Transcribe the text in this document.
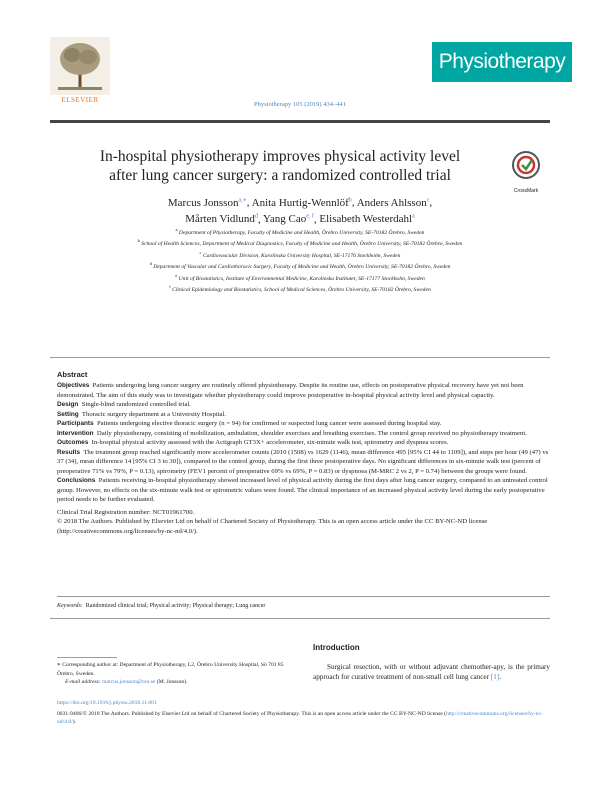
ELSEVIER
Physiotherapy 105 (2019) 434–441
Physiotherapy
In-hospital physiotherapy improves physical activity level
after lung cancer surgery: a randomized controlled trial
CrossMark
Marcus Jonsson$^{a,∗}$, Anita Hurtig-Wennlöf$^b$, Anders Ahlsson$^c$,
Mårten Vidlund$^d$, Yang Cao$^{e, f}$, Elisabeth Westerdahl$^a$
$^a$ Department of Physiotherapy, Faculty of Medicine and Health, Örebro University, SE-70182 Örebro, Sweden
$^b$ School of Health Sciences, Department of Medical Diagnostics, Faculty of Medicine and Health, Örebro University, SE-70182 Örebro, Sweden
$^c$ Cardiovascular Division, Karolinska University Hospital, SE-17176 Stockholm, Sweden
$^d$ Department of Vascular and Cardiothoracic Surgery, Faculty of Medicine and Health, Örebro University, SE-70182 Örebro, Sweden
$^e$ Unit of Biostatistics, Institute of Environmental Medicine, Karolinska Institutet, SE-17177 Stockholm, Sweden
$^f$ Clinical Epidemiology and Biostatistics, School of Medical Sciences, Örebro University, SE-70182 Örebro, Sweden
Abstract

Objectives Patients undergoing lung cancer surgery are routinely offered physiotherapy. Despite its routine use, effects on postoperative physical recovery have yet not been demonstrated. The aim of this study was to investigate whether physiotherapy could improve postoperative in-hospital physical activity level and physical capacity.

Design Single-blind randomized controlled trial.

Setting Thoracic surgery department at a University Hospital.

Participants Patients undergoing elective thoracic surgery (n = 94) for confirmed or suspected lung cancer were assessed during hospital stay.

Intervention Daily physiotherapy, consisting of mobilization, ambulation, shoulder exercises and breathing exercises. The control group received no physiotherapy treatment.

Outcomes In-hospital physical activity assessed with the Actigraph GT3X+ accelerometer, six-minute walk test, spirometry and dyspnea scores.

Results The treatment group reached significantly more accelerometer counts (2010 (1508) vs 1629 (1146), mean difference 495 [95% CI 44 to 1109]), and steps per hour (49 (47) vs 37 (34), mean difference 14 [95% CI 3 to 30]), compared to the control group, during the first three postoperative days. No significant differences in six-minute walk test (percent of preoperative 71% vs 79%, P = 0.13), spirometry (FEV1 percent of preoperative 69% vs 69%, P = 0.83) or dyspnoea (M-MRC 2 vs 2, P = 0.74) between the groups were found.

Conclusions Patients receiving in-hospital physiotherapy showed increased level of physical activity during the first days after lung cancer surgery, compared to an untreated control group. However, no effects on the six-minute walk test or spirometric values were found. The clinical importance of an increased physical activity level during the early postoperative period needs to be further evaluated.

Clinical Trial Registration number: NCT01961700.

© 2018 The Authors. Published by Elsevier Ltd on behalf of Chartered Society of Physiotherapy. This is an open access article under the CC BY-NC-ND license (http://creativecommons.org/licenses/by-nc-nd/4.0/).

Keywords: Randomized clinical trial; Physical activity; Physical therapy; Lung cancer
Introduction
Surgical resection, with or without adjuvant chemother-apy, is the primary approach for curative treatment of non-small cell lung cancer [1].
∗ Corresponding author at: Department of Physiotherapy, L2, Örebro University Hospital, Sö 701 85 Örebro, Sweden.
E-mail address: marcus.jonsson@oru.se (M. Jonsson).
https://doi.org/10.1016/j.physio.2018.11.001
0031-9406/© 2018 The Authors. Published by Elsevier Ltd on behalf of Chartered Society of Physiotherapy. This is an open access article under the CC BY-NC-ND license (http://creativecommons.org/licenses/by-nc-nd/4.0/).
